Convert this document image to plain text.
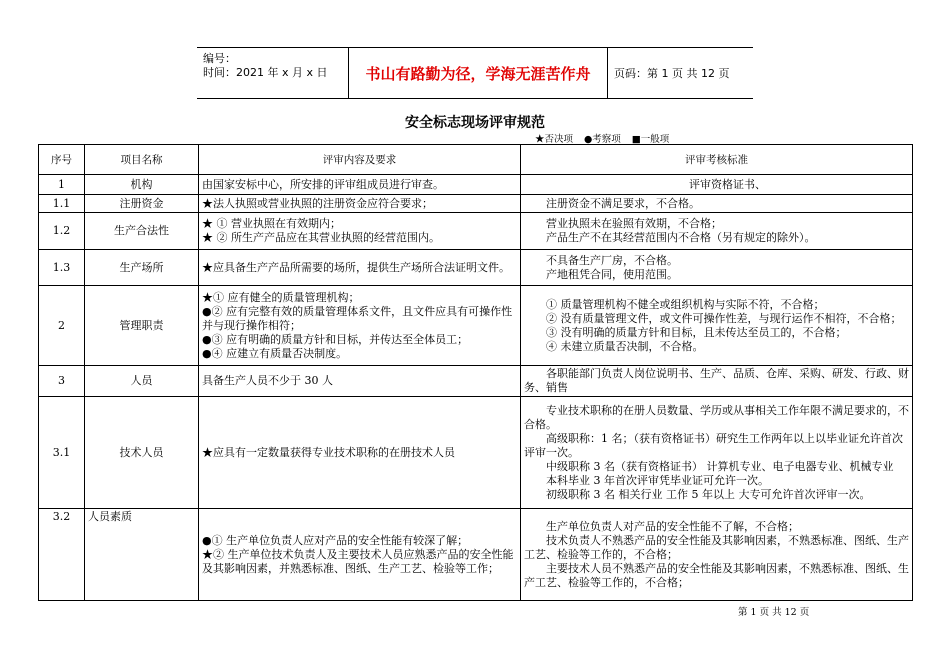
编号：
时间：2021 年 x 月 x 日	书山有路勤为径，学海无涯苦作舟	页码：第 1 页 共 12 页
安全标志现场评审规范
★否决项 ●考察项 ■一般项
序号	项目名称	评审内容及要求	评审考核标准
1	机构	由国家安标中心，所安排的评审组成员进行审查。	评审资格证书、

1.1	注册资金	★法人执照或营业执照的注册资金应符合要求；	注册资金不满足要求，不合格。

1.2	生产合法性	★ ① 营业执照在有效期内；
★ ② 所生产产品应在其营业执照的经营范围内。	营业执照未在验照有效期，不合格；
产品生产不在其经营范围内不合格（另有规定的除外）。

1.3	生产场所	★应具备生产产品所需要的场所，提供生产场所合法证明文件。	不具备生产厂房，不合格。
产地租凭合同，使用范围。

2	管理职责	★① 应有健全的质量管理机构；
●② 应有完整有效的质量管理体系文件，且文件应具有可操作性并与现行操作相符；
●③ 应有明确的质量方针和目标，并传达至全体员工；
●④ 应建立有质量否决制度。	① 质量管理机构不健全或组织机构与实际不符，不合格；
② 没有质量管理文件，或文件可操作性差，与现行运作不相符，不合格；
③ 没有明确的质量方针和目标，且未传达至员工的，不合格；
④ 未建立质量否决制，不合格。

3	人员	具备生产人员不少于 30 人	各职能部门负责人岗位说明书、生产、品质、仓库、采购、研发、行政、财务、销售

3.1	技术人员	★应具有一定数量获得专业技术职称的在册技术人员	专业技术职称的在册人员数量、学历或从事相关工作年限不满足要求的，不合格。
高级职称：1 名；（获有资格证书）研究生工作两年以上以毕业证允许首次评审一次。
中级职称 3 名（获有资格证书） 计算机专业、电子电器专业、机械专业
本科毕业 3 年首次评审凭毕业证可允许一次。
初级职称 3 名 相关行业 工作 5 年以上 大专可允许首次评审一次。

3.2	人员素质	●① 生产单位负责人应对产品的安全性能有较深了解；
★② 生产单位技术负责人及主要技术人员应熟悉产品的安全性能及其影响因素，并熟悉标准、图纸、生产工艺、检验等工作；	生产单位负责人对产品的安全性能不了解，不合格；
技术负责人不熟悉产品的安全性能及其影响因素，不熟悉标准、图纸、生产工艺、检验等工作的，不合格；
主要技术人员不熟悉产品的安全性能及其影响因素，不熟悉标准、图纸、生产工艺、检验等工作的，不合格；
第 1 页 共 12 页
